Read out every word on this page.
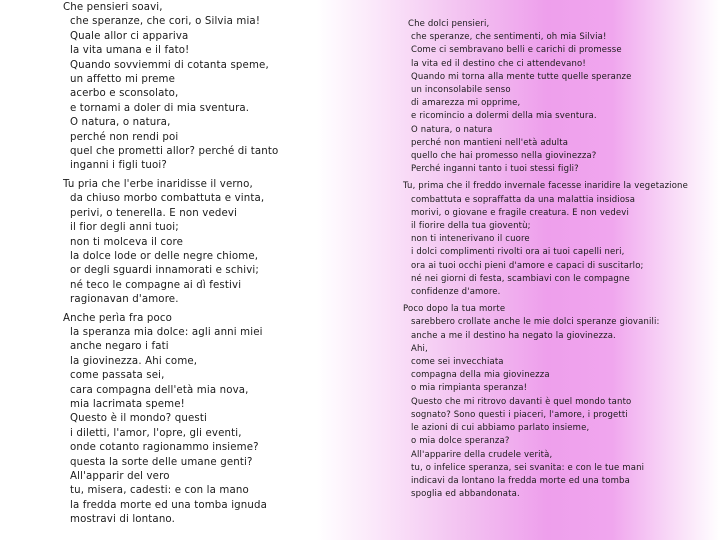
Che pensieri soavi,
che speranze, che cori, o Silvia mia!
Quale allor ci appariva
la vita umana e il fato!
Quando sovviemmi di cotanta speme,
un affetto mi preme
acerbo e sconsolato,
e tornami a doler di mia sventura.
O natura, o natura,
perché non rendi poi
quel che prometti allor? perché di tanto
inganni i figli tuoi?
Tu pria che l'erbe inaridisse il verno,
da chiuso morbo combattuta e vinta,
perivi, o tenerella. E non vedevi
il fior degli anni tuoi;
non ti molceva il core
la dolce lode or delle negre chiome,
or degli sguardi innamorati e schivi;
né teco le compagne ai dì festivi
ragionavan d'amore.
Anche perìa fra poco
la speranza mia dolce: agli anni miei
anche negaro i fati
la giovinezza. Ahi come,
come passata sei,
cara compagna dell'età mia nova,
mia lacrimata speme!
Questo è il mondo? questi
i diletti, l'amor, l'opre, gli eventi,
onde cotanto ragionammo insieme?
questa la sorte delle umane genti?
All'apparir del vero
tu, misera, cadesti: e con la mano
la fredda morte ed una tomba ignuda
mostravi di lontano.
Che dolci pensieri,
che speranze, che sentimenti, oh mia Silvia!
Come ci sembravano belli e carichi di promesse
la vita ed il destino che ci attendevano!
Quando mi torna alla mente tutte quelle speranze
un inconsolabile senso
di amarezza mi opprime,
e ricomincio a dolermi della mia sventura.
O natura, o natura
perché non mantieni nell'età adulta
quello che hai promesso nella giovinezza?
Perché inganni tanto i tuoi stessi figli?
Tu, prima che il freddo invernale facesse inaridire la vegetazione
combattuta e sopraffatta da una malattia insidiosa
morivi, o giovane e fragile creatura. E non vedevi
il fiorire della tua gioventù;
non ti intenerivano il cuore
i dolci complimenti rivolti ora ai tuoi capelli neri,
ora ai tuoi occhi pieni d'amore e capaci di suscitarlo;
né nei giorni di festa, scambiavi con le compagne
confidenze d'amore.
Poco dopo la tua morte
sarebbero crollate anche le mie dolci speranze giovanili:
anche a me il destino ha negato la giovinezza.
Ahi,
come sei invecchiata
compagna della mia giovinezza
o mia rimpianta speranza!
Questo che mi ritrovo davanti è quel mondo tanto
sognato? Sono questi i piaceri, l'amore, i progetti
le azioni di cui abbiamo parlato insieme,
o mia dolce speranza?
All'apparire della crudele verità,
tu, o infelice speranza, sei svanita: e con le tue mani
indicavi da lontano la fredda morte ed una tomba
spoglia ed abbandonata.
